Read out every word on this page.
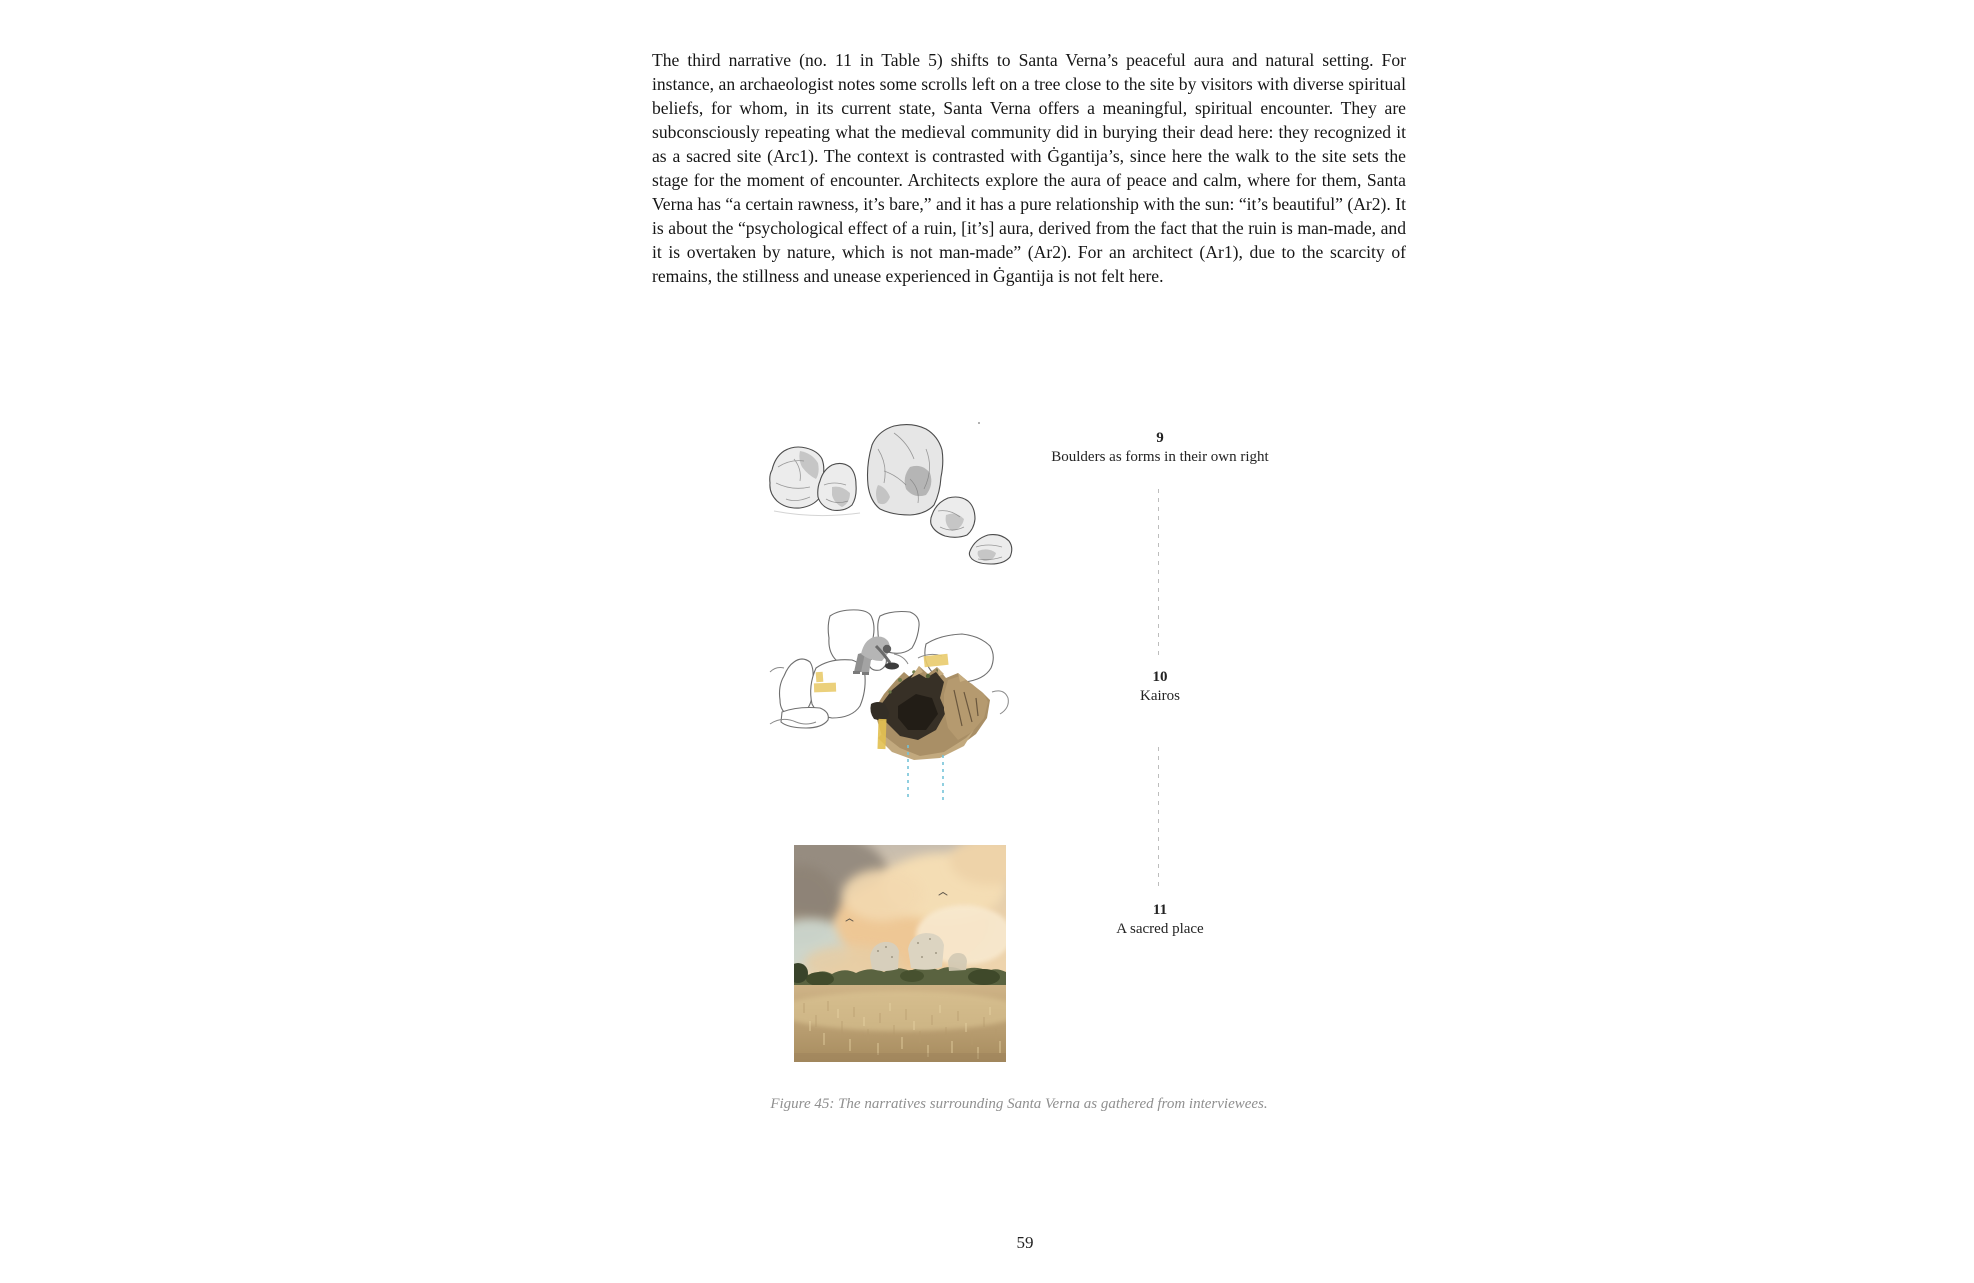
The third narrative (no. 11 in Table 5) shifts to Santa Verna’s peaceful aura and natural setting. For instance, an archaeologist notes some scrolls left on a tree close to the site by visitors with diverse spiritual beliefs, for whom, in its current state, Santa Verna offers a meaningful, spiritual encounter. They are subconsciously repeating what the medieval community did in burying their dead here: they recognized it as a sacred site (Arc1). The context is contrasted with Ġgantija’s, since here the walk to the site sets the stage for the moment of encounter. Architects explore the aura of peace and calm, where for them, Santa Verna has “a certain rawness, it’s bare,” and it has a pure relationship with the sun: “it’s beautiful” (Ar2). It is about the “psychological effect of a ruin, [it’s] aura, derived from the fact that the ruin is man-made, and it is overtaken by nature, which is not man-made” (Ar2). For an architect (Ar1), due to the scarcity of remains, the stillness and unease experienced in Ġgantija is not felt here.

9
Boulders as forms in their own right
10
Kairos
11
A sacred place
Figure 45: The narratives surrounding Santa Verna as gathered from interviewees.
59
